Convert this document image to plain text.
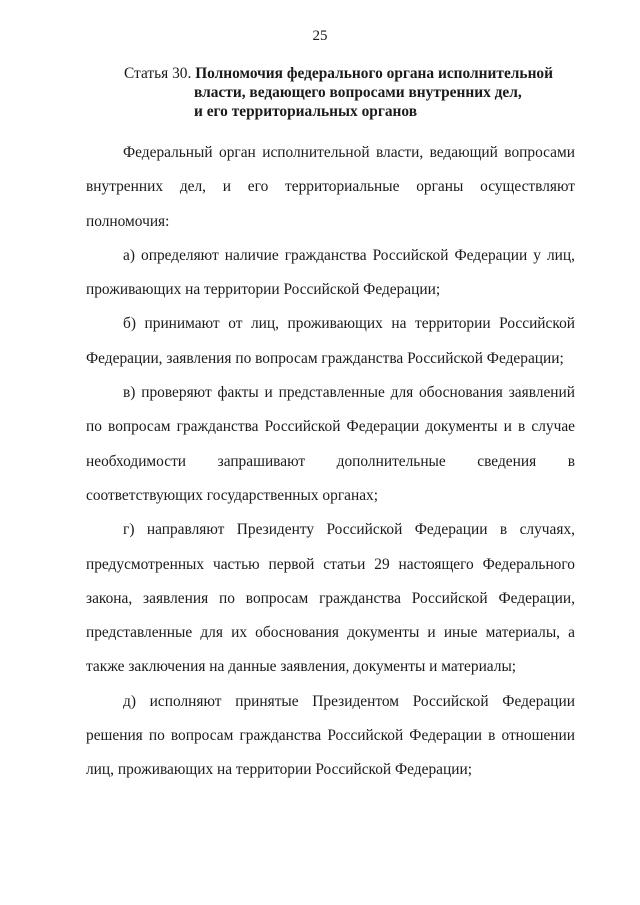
25
Статья 30. Полномочия федерального органа исполнительной
власти, ведающего вопросами внутренних дел,
и его территориальных органов
Федеральный орган исполнительной власти, ведающий вопросами
внутренних дел, и его территориальные органы осуществляют
полномочия:
а) определяют наличие гражданства Российской Федерации у лиц,
проживающих на территории Российской Федерации;
б) принимают от лиц, проживающих на территории Российской
Федерации, заявления по вопросам гражданства Российской Федерации;
в) проверяют факты и представленные для обоснования заявлений
по вопросам гражданства Российской Федерации документы и в случае
необходимости запрашивают дополнительные сведения в
соответствующих государственных органах;
г) направляют Президенту Российской Федерации в случаях,
предусмотренных частью первой статьи 29 настоящего Федерального
закона, заявления по вопросам гражданства Российской Федерации,
представленные для их обоснования документы и иные материалы, а
также заключения на данные заявления, документы и материалы;
д) исполняют принятые Президентом Российской Федерации
решения по вопросам гражданства Российской Федерации в отношении
лиц, проживающих на территории Российской Федерации;
